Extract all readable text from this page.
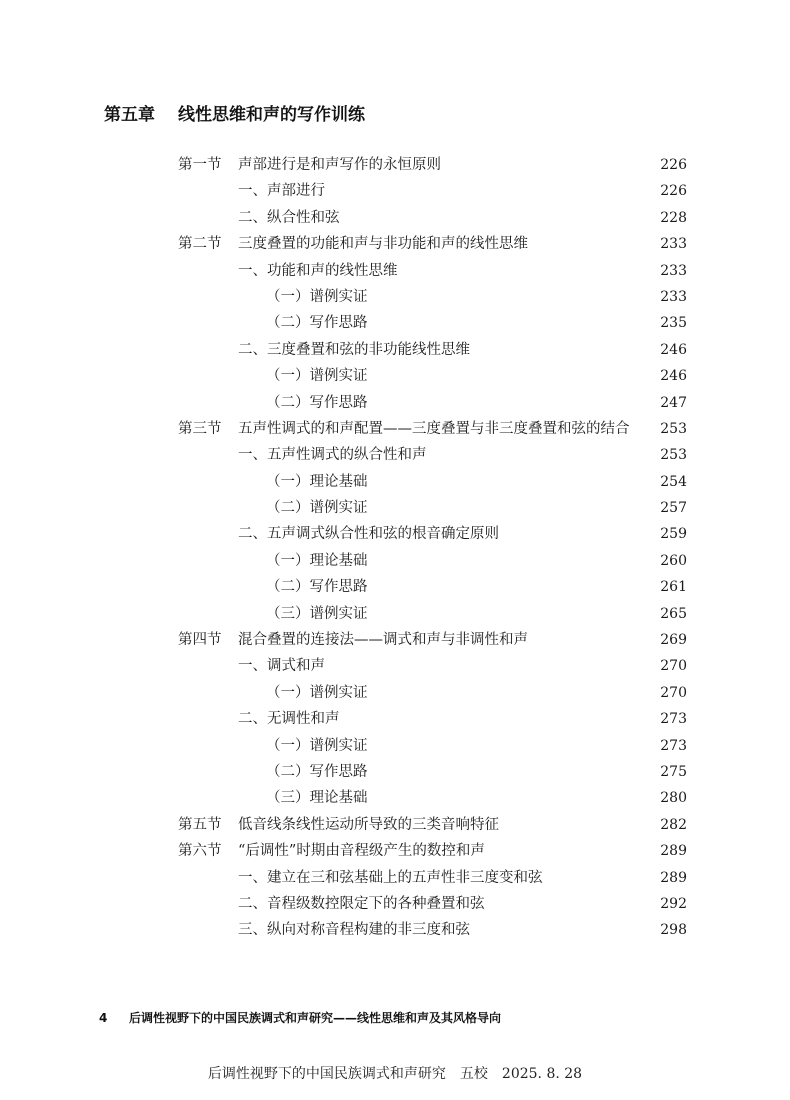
第五章 线性思维和声的写作训练
第一节 声部进行是和声写作的永恒原则	226
一、声部进行	226
二、纵合性和弦	228
第二节 三度叠置的功能和声与非功能和声的线性思维	233
一、功能和声的线性思维	233
（一）谱例实证	233
（二）写作思路	235
二、三度叠置和弦的非功能线性思维	246
（一）谱例实证	246
（二）写作思路	247
第三节 五声性调式的和声配置——三度叠置与非三度叠置和弦的结合 253
一、五声性调式的纵合性和声	253
（一）理论基础	254
（二）谱例实证	257
二、五声调式纵合性和弦的根音确定原则	259
（一）理论基础	260
（二）写作思路	261
（三）谱例实证	265
第四节 混合叠置的连接法——调式和声与非调性和声	269
一、调式和声	270
（一）谱例实证	270
二、无调性和声	273
（一）谱例实证	273
（二）写作思路	275
（三）理论基础	280
第五节 低音线条线性运动所导致的三类音响特征	282
第六节 “后调性”时期由音程级产生的数控和声	289
一、建立在三和弦基础上的五声性非三度变和弦	289
二、音程级数控限定下的各种叠置和弦	292
三、纵向对称音程构建的非三度和弦	298
4 后调性视野下的中国民族调式和声研究——线性思维和声及其风格导向
后调性视野下的中国民族调式和声研究　五校　2025. 8. 28
